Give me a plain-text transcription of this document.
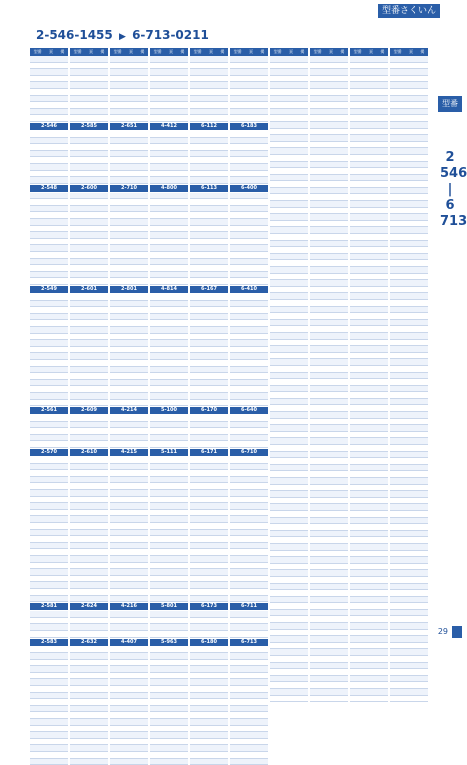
型番さくいん
2-546-1455 ▶ 6-713-0211
型番
2
546
|
6
713
型番 頁 掲
2-546
2-548
2-549
2-561
2-570
2-581
2-583
型番 頁 掲
2-585
2-600
2-601
2-609
2-610
2-624
2-632
型番 頁 掲
2-651
2-710
2-801
4-214
4-215
4-216
4-407
型番 頁 掲
4-412
4-800
4-814
5-100
5-111
5-801
5-963
型番 頁 掲
6-112
6-113
6-167
6-170
6-171
6-173
6-180
型番 頁 掲
6-183
6-400
6-410
6-640
6-710
6-711
6-713
型番 頁 掲 型番 頁 掲 型番 頁 掲 型番 頁 掲
29
